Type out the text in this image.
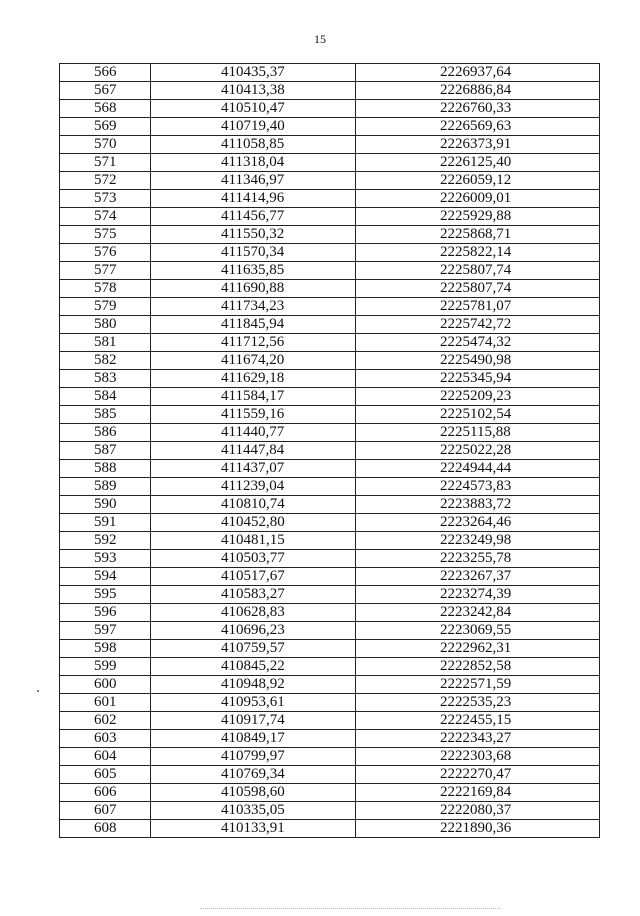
15
566	410435,37	2226937,64
567	410413,38	2226886,84
568	410510,47	2226760,33
569	410719,40	2226569,63
570	411058,85	2226373,91
571	411318,04	2226125,40
572	411346,97	2226059,12
573	411414,96	2226009,01
574	411456,77	2225929,88
575	411550,32	2225868,71
576	411570,34	2225822,14
577	411635,85	2225807,74
578	411690,88	2225807,74
579	411734,23	2225781,07
580	411845,94	2225742,72
581	411712,56	2225474,32
582	411674,20	2225490,98
583	411629,18	2225345,94
584	411584,17	2225209,23
585	411559,16	2225102,54
586	411440,77	2225115,88
587	411447,84	2225022,28
588	411437,07	2224944,44
589	411239,04	2224573,83
590	410810,74	2223883,72
591	410452,80	2223264,46
592	410481,15	2223249,98
593	410503,77	2223255,78
594	410517,67	2223267,37
595	410583,27	2223274,39
596	410628,83	2223242,84
597	410696,23	2223069,55
598	410759,57	2222962,31
599	410845,22	2222852,58
600	410948,92	2222571,59
601	410953,61	2222535,23
602	410917,74	2222455,15
603	410849,17	2222343,27
604	410799,97	2222303,68
605	410769,34	2222270,47
606	410598,60	2222169,84
607	410335,05	2222080,37
608	410133,91	2221890,36
